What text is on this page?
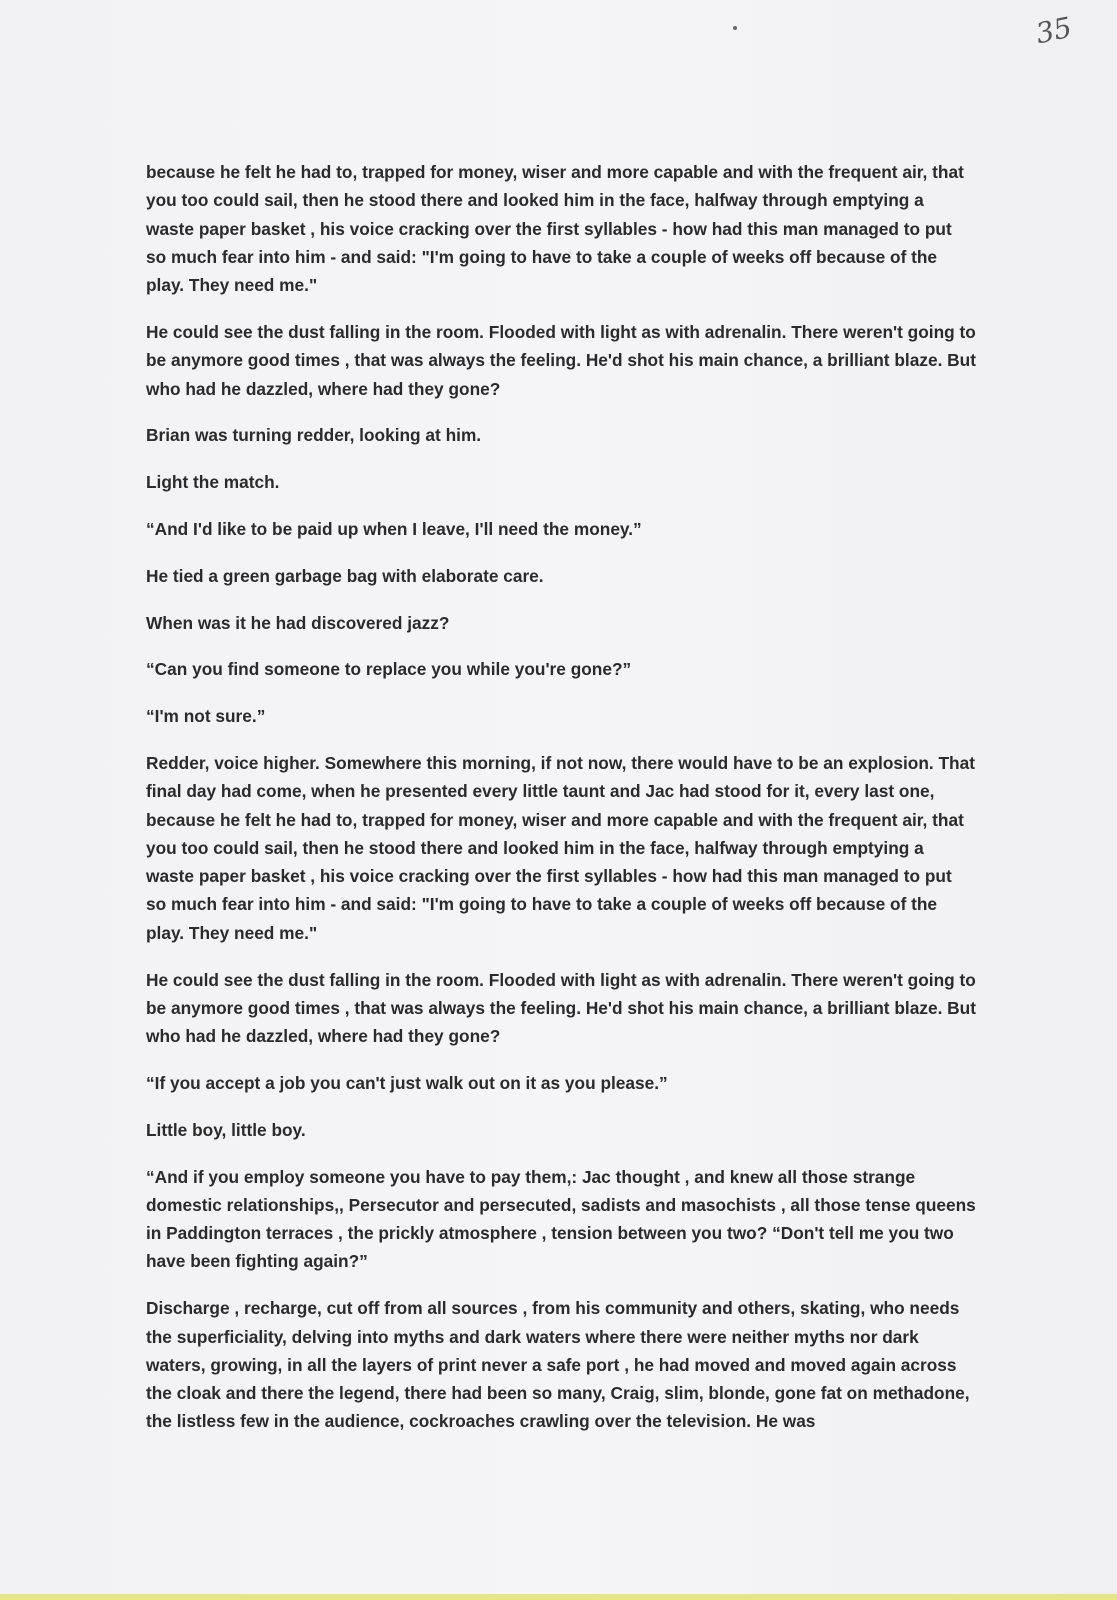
35

because he felt he had to, trapped for money, wiser and more capable and with the frequent air, that you too could sail, then he stood there and looked him in the face, halfway through emptying a waste paper basket , his voice cracking over the first syllables - how had this man managed to put so much fear into him - and said: "I'm going to have to take a couple of weeks off because of the play. They need me."

He could see the dust falling in the room. Flooded with light as with adrenalin. There weren't going to be anymore good times , that was always the feeling. He'd shot his main chance, a brilliant blaze. But who had he dazzled, where had they gone?

Brian was turning redder, looking at him.

Light the match.

“And I'd like to be paid up when I leave, I'll need the money.”

He tied a green garbage bag with elaborate care.

When was it he had discovered jazz?

“Can you find someone to replace you while you're gone?”

“I'm not sure.”

Redder, voice higher. Somewhere this morning, if not now, there would have to be an explosion. That final day had come, when he presented every little taunt and Jac had stood for it, every last one, because he felt he had to, trapped for money, wiser and more capable and with the frequent air, that you too could sail, then he stood there and looked him in the face, halfway through emptying a waste paper basket , his voice cracking over the first syllables - how had this man managed to put so much fear into him - and said: "I'm going to have to take a couple of weeks off because of the play. They need me."

He could see the dust falling in the room. Flooded with light as with adrenalin. There weren't going to be anymore good times , that was always the feeling. He'd shot his main chance, a brilliant blaze. But who had he dazzled, where had they gone?

“If you accept a job you can't just walk out on it as you please.”

Little boy, little boy.

“And if you employ someone you have to pay them,: Jac thought , and knew all those strange domestic relationships,, Persecutor and persecuted, sadists and masochists , all those tense queens in Paddington terraces , the prickly atmosphere , tension between you two? “Don't tell me you two have been fighting again?”

Discharge , recharge, cut off from all sources , from his community and others, skating, who needs the superficiality, delving into myths and dark waters where there were neither myths nor dark waters, growing, in all the layers of print never a safe port , he had moved and moved again across the cloak and there the legend, there had been so many, Craig, slim, blonde, gone fat on methadone, the listless few in the audience, cockroaches crawling over the television. He was
